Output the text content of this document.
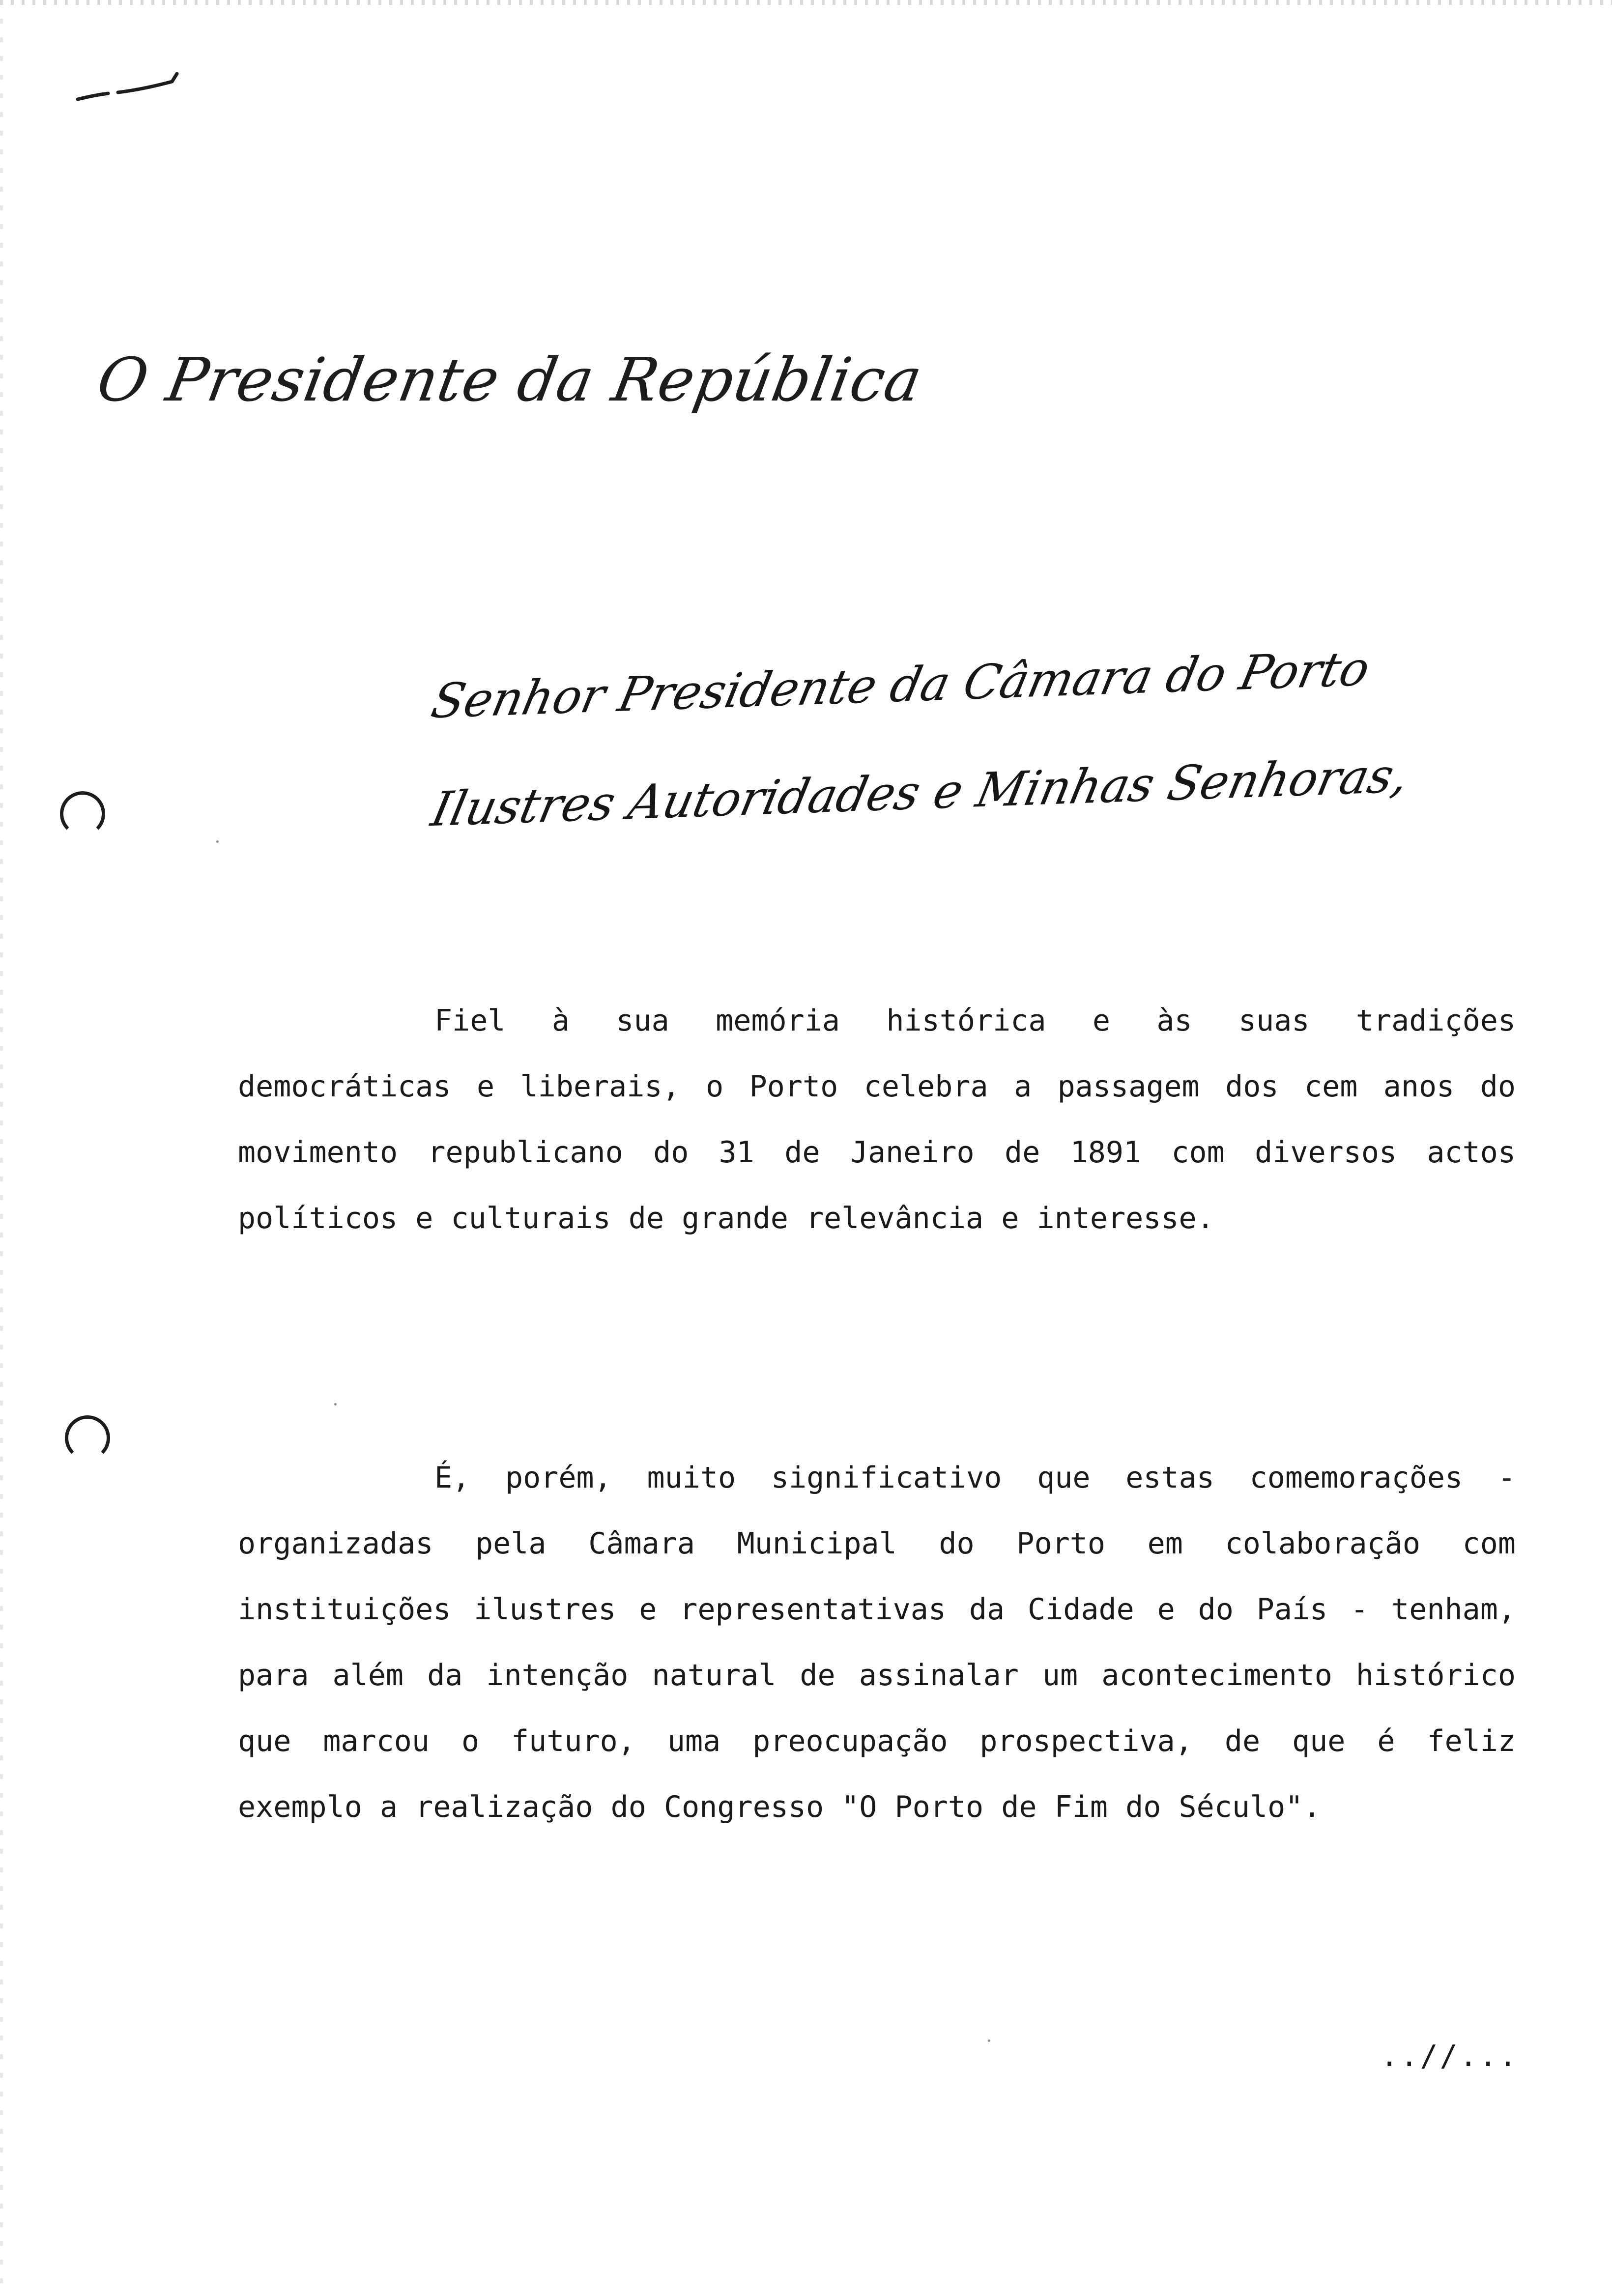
O Presidente da República
Senhor Presidente da Câmara do Porto
Ilustres Autoridades e Minhas Senhoras,

Fiel à sua memória histórica e às suas tradições democráticas e liberais, o Porto celebra a passagem dos cem anos do movimento republicano do 31 de Janeiro de 1891 com diversos actos políticos e culturais de grande relevância e interesse.

É, porém, muito significativo que estas comemorações - organizadas pela Câmara Municipal do Porto em colaboração com instituições ilustres e representativas da Cidade e do País - tenham, para além da intenção natural de assinalar um acontecimento histórico que marcou o futuro, uma preocupação prospectiva, de que é feliz exemplo a realização do Congresso "O Porto de Fim do Século".

..//...
